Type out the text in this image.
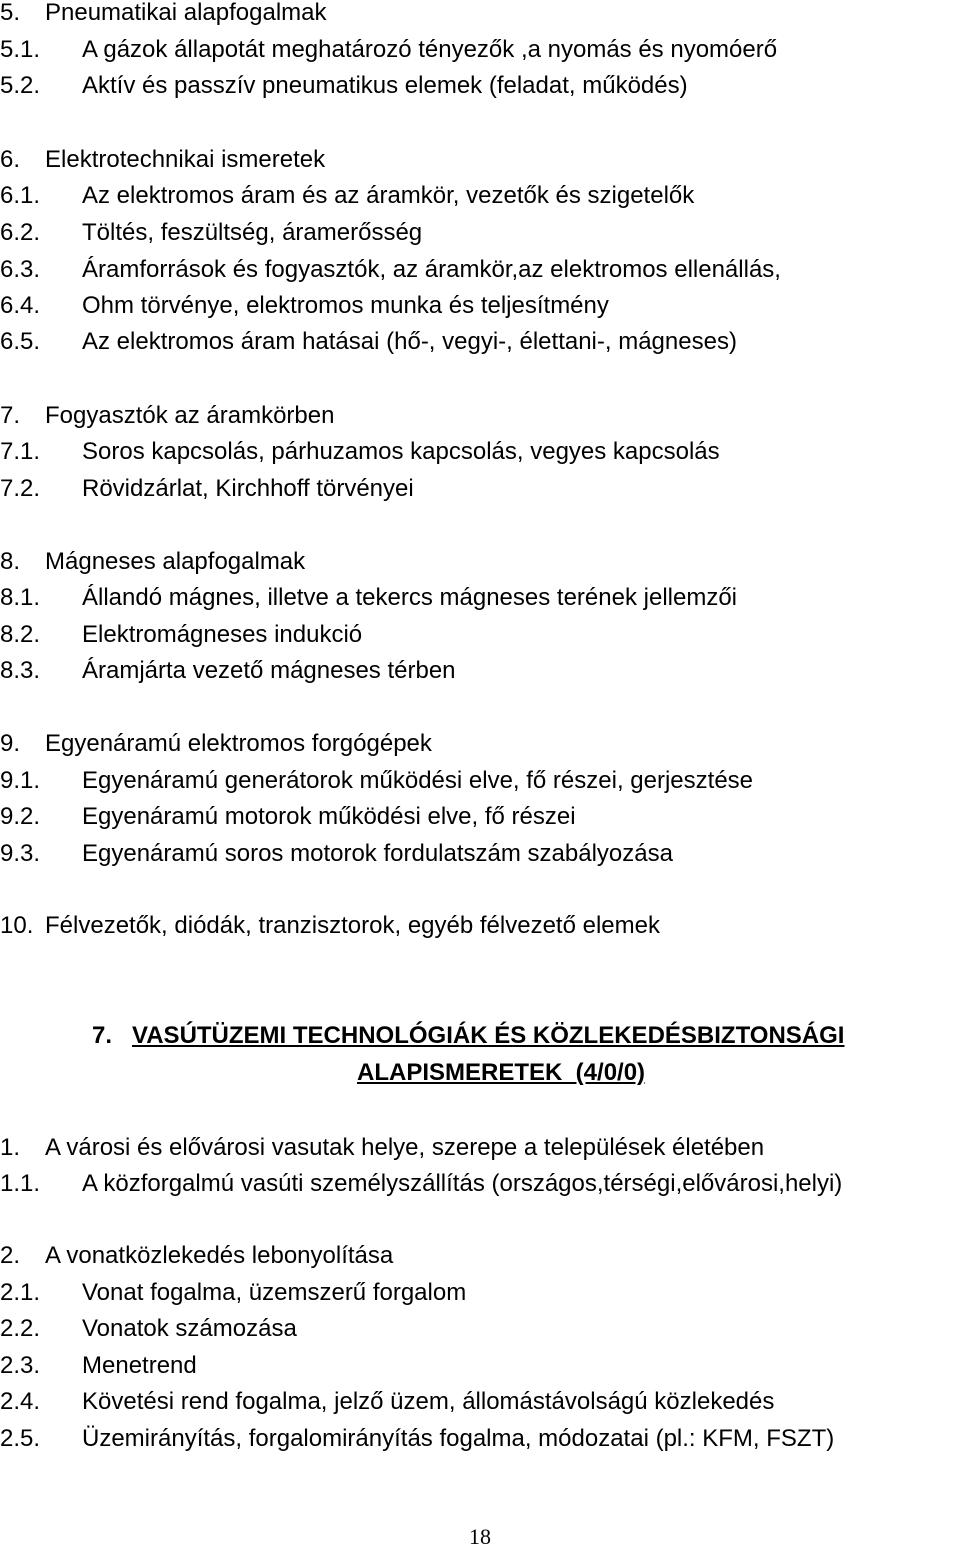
5. Pneumatikai alapfogalmak
5.1. A gázok állapotát meghatározó tényezők ,a nyomás és nyomóerő
5.2. Aktív és passzív pneumatikus elemek (feladat, működés)
6. Elektrotechnikai ismeretek
6.1. Az elektromos áram és az áramkör, vezetők és szigetelők
6.2. Töltés, feszültség, áramerősség
6.3. Áramforrások és fogyasztók, az áramkör,az elektromos ellenállás,
6.4. Ohm törvénye, elektromos munka és teljesítmény
6.5. Az elektromos áram hatásai (hő-, vegyi-, élettani-, mágneses)
7. Fogyasztók az áramkörben
7.1. Soros kapcsolás, párhuzamos kapcsolás, vegyes kapcsolás
7.2. Rövidzárlat, Kirchhoff törvényei
8. Mágneses alapfogalmak
8.1. Állandó mágnes, illetve a tekercs mágneses terének jellemzői
8.2. Elektromágneses indukció
8.3. Áramjárta vezető mágneses térben
9. Egyenáramú elektromos forgógépek
9.1. Egyenáramú generátorok működési elve, fő részei, gerjesztése
9.2. Egyenáramú motorok működési elve, fő részei
9.3. Egyenáramú soros motorok fordulatszám szabályozása
10. Félvezetők, diódák, tranzisztorok, egyéb félvezető elemek
7. VASÚTÜZEMI TECHNOLÓGIÁK ÉS KÖZLEKEDÉSBIZTONSÁGI
ALAPISMERETEK  (4/0/0)
1. A városi és elővárosi vasutak helye, szerepe a települések életében
1.1. A közforgalmú vasúti személyszállítás (országos,térségi,elővárosi,helyi)
2. A vonatközlekedés lebonyolítása
2.1. Vonat fogalma, üzemszerű forgalom
2.2. Vonatok számozása
2.3. Menetrend
2.4. Követési rend fogalma, jelző üzem, állomástávolságú közlekedés
2.5. Üzemirányítás, forgalomirányítás fogalma, módozatai (pl.: KFM, FSZT)
18
